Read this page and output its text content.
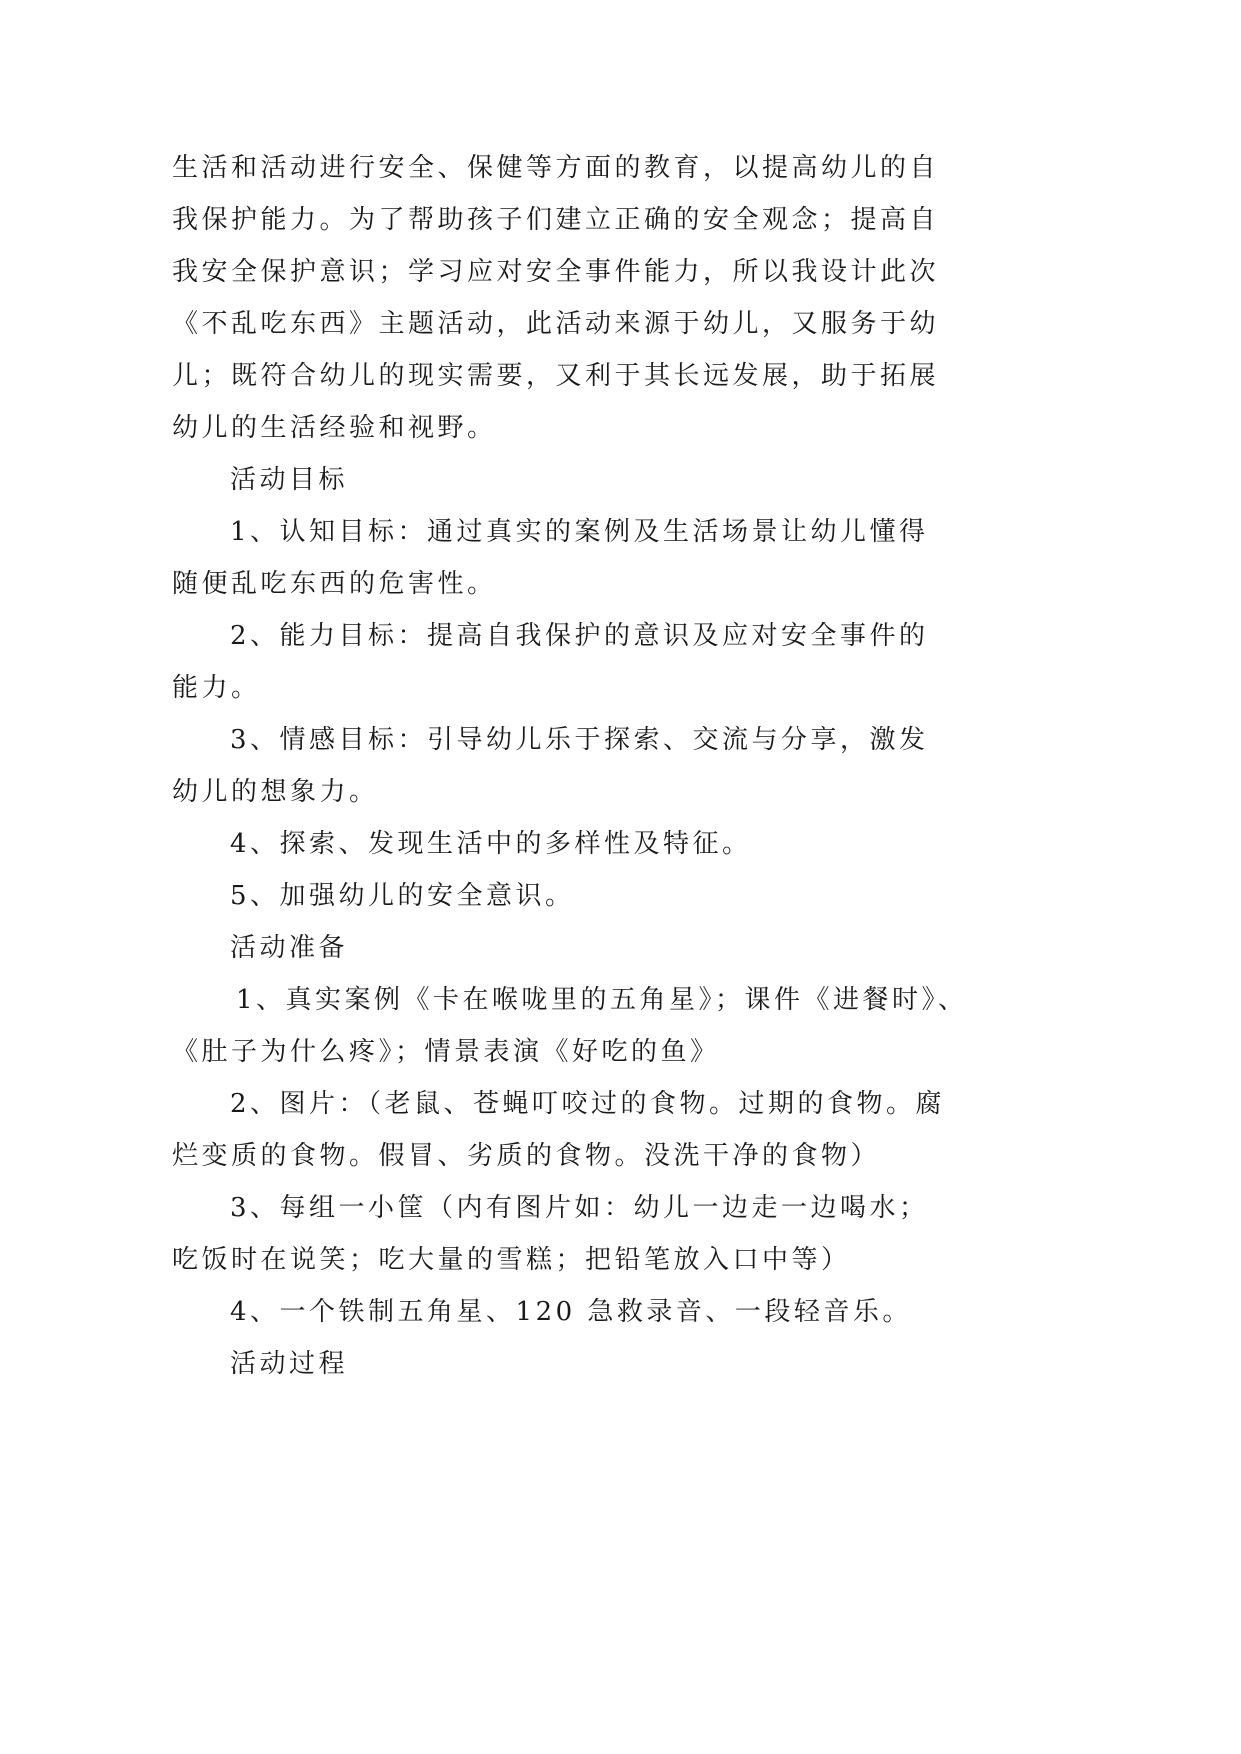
生活和活动进行安全、保健等方面的教育，以提高幼儿的自
我保护能力。为了帮助孩子们建立正确的安全观念；提高自
我安全保护意识；学习应对安全事件能力，所以我设计此次
《不乱吃东西》主题活动，此活动来源于幼儿，又服务于幼
儿；既符合幼儿的现实需要，又利于其长远发展，助于拓展
幼儿的生活经验和视野。
活动目标
1、认知目标：通过真实的案例及生活场景让幼儿懂得
随便乱吃东西的危害性。
2、能力目标：提高自我保护的意识及应对安全事件的
能力。
3、情感目标：引导幼儿乐于探索、交流与分享，激发
幼儿的想象力。
4、探索、发现生活中的多样性及特征。
5、加强幼儿的安全意识。
活动准备
1、真实案例《卡在喉咙里的五角星》；课件《进餐时》、
《肚子为什么疼》；情景表演《好吃的鱼》
2、图片：（老鼠、苍蝇叮咬过的食物。过期的食物。腐
烂变质的食物。假冒、劣质的食物。没洗干净的食物）
3、每组一小筐（内有图片如：幼儿一边走一边喝水；
吃饭时在说笑；吃大量的雪糕；把铅笔放入口中等）
4、一个铁制五角星、120 急救录音、一段轻音乐。
活动过程
